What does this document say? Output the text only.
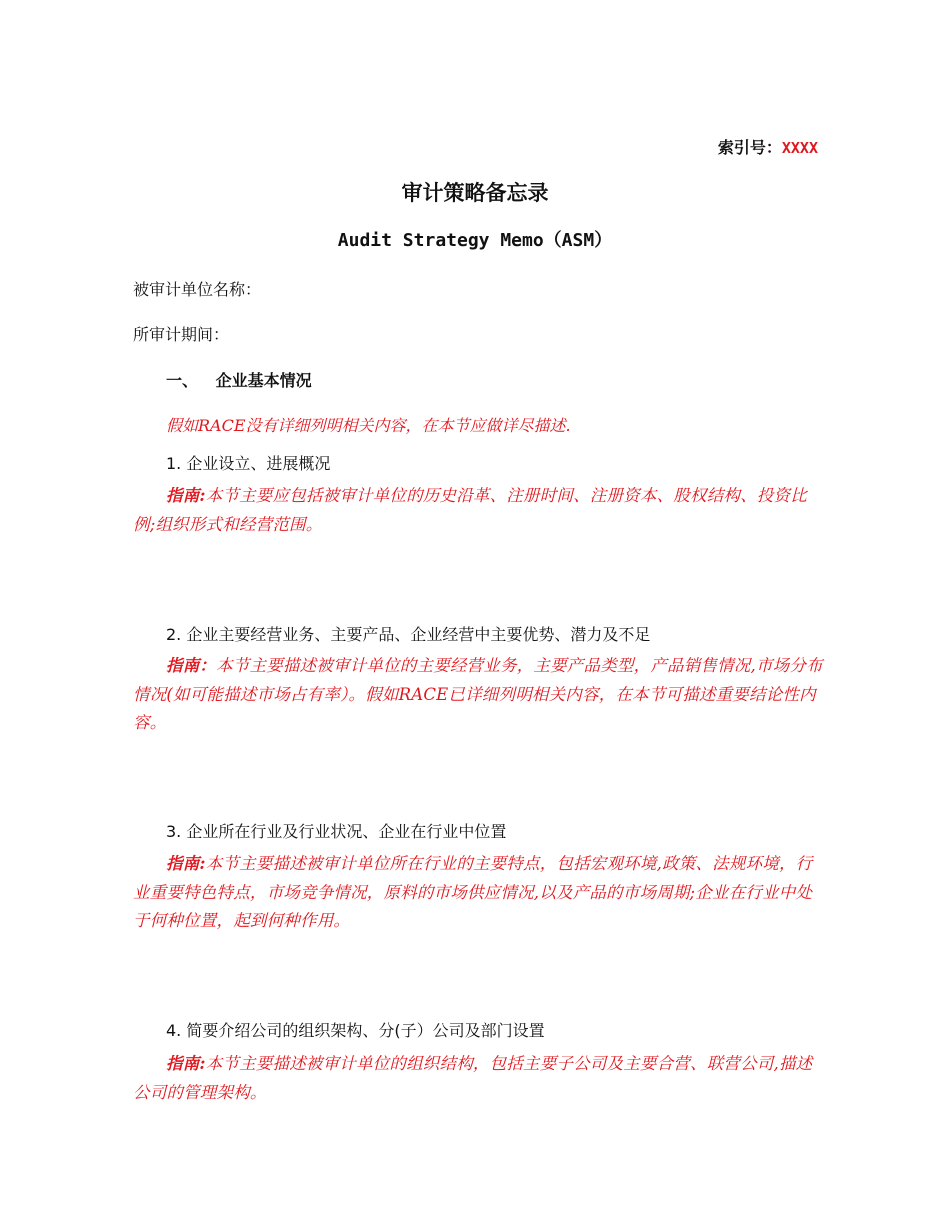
索引号：XXXX
审计策略备忘录
Audit Strategy Memo（ASM）
被审计单位名称：
所审计期间：
一、 企业基本情况
假如RACE没有详细列明相关内容，在本节应做详尽描述.
1. 企业设立、进展概况
指南:本节主要应包括被审计单位的历史沿革、注册时间、注册资本、股权结构、投资比例;组织形式和经营范围。
2. 企业主要经营业务、主要产品、企业经营中主要优势、潜力及不足
指南：本节主要描述被审计单位的主要经营业务，主要产品类型，产品销售情况,市场分布情况(如可能描述市场占有率）。假如RACE已详细列明相关内容，在本节可描述重要结论性内容。
3. 企业所在行业及行业状况、企业在行业中位置
指南:本节主要描述被审计单位所在行业的主要特点，包括宏观环境,政策、法规环境，行业重要特色特点，市场竞争情况，原料的市场供应情况,以及产品的市场周期;企业在行业中处于何种位置，起到何种作用。
4. 简要介绍公司的组织架构、分(子）公司及部门设置
指南:本节主要描述被审计单位的组织结构，包括主要子公司及主要合营、联营公司,描述公司的管理架构。
